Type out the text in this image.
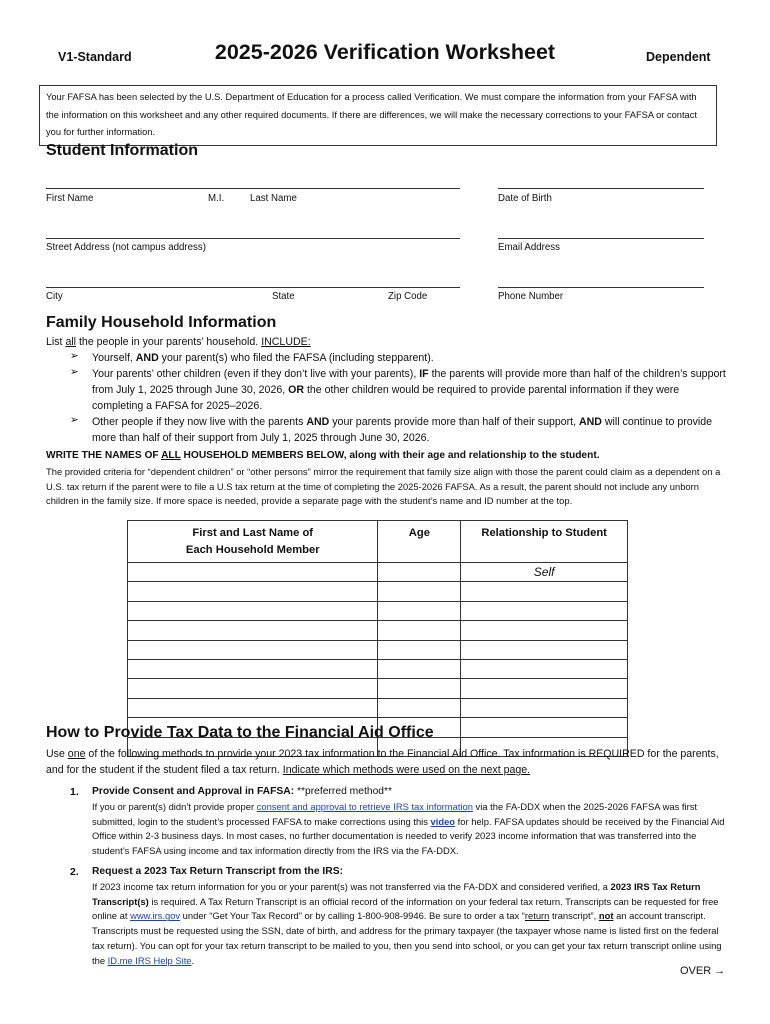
V1-Standard	2025-2026 Verification Worksheet	Dependent
Your FAFSA has been selected by the U.S. Department of Education for a process called Verification. We must compare the information from your FAFSA with the information on this worksheet and any other required documents. If there are differences, we will make the necessary corrections to your FAFSA or contact you for further information.
Student Information
First Name	M.I.	Last Name	Date of Birth
Street Address (not campus address)	Email Address
City	State	Zip Code	Phone Number
Family Household Information
List all the people in your parents’ household. INCLUDE:
➢ Yourself, AND your parent(s) who filed the FAFSA (including stepparent).
➢ Your parents’ other children (even if they don’t live with your parents), IF the parents will provide more than half of the children’s support from July 1, 2025 through June 30, 2026, OR the other children would be required to provide parental information if they were completing a FAFSA for 2025–2026.
➢ Other people if they now live with the parents AND your parents provide more than half of their support, AND will continue to provide more than half of their support from July 1, 2025 through June 30, 2026.
WRITE THE NAMES OF ALL HOUSEHOLD MEMBERS BELOW, along with their age and relationship to the student.
The provided criteria for “dependent children” or “other persons” mirror the requirement that family size align with those the parent could claim as a dependent on a U.S. tax return if the parent were to file a U.S tax return at the time of completing the 2025-2026 FAFSA. As a result, the parent should not include any unborn children in the family size. If more space is needed, provide a separate page with the student’s name and ID number at the top.
First and Last Name of
Each Household Member	Age	Relationship to Student
		Self

How to Provide Tax Data to the Financial Aid Office
Use one of the following methods to provide your 2023 tax information to the Financial Aid Office. Tax information is REQUIRED for the parents, and for the student if the student filed a tax return. Indicate which methods were used on the next page.
1. Provide Consent and Approval in FAFSA: **preferred method**
If you or parent(s) didn’t provide proper consent and approval to retrieve IRS tax information via the FA-DDX when the 2025-2026 FAFSA was first submitted, login to the student’s processed FAFSA to make corrections using this video for help. FAFSA updates should be received by the Financial Aid Office within 2-3 business days. In most cases, no further documentation is needed to verify 2023 income information that was transferred into the student’s FAFSA using income and tax information directly from the IRS via the FA-DDX.
2. Request a 2023 Tax Return Transcript from the IRS:
If 2023 income tax return information for you or your parent(s) was not transferred via the FA-DDX and considered verified, a 2023 IRS Tax Return Transcript(s) is required. A Tax Return Transcript is an official record of the information on your federal tax return. Transcripts can be requested for free online at www.irs.gov under “Get Your Tax Record” or by calling 1-800-908-9946. Be sure to order a tax “return transcript”, not an account transcript. Transcripts must be requested using the SSN, date of birth, and address for the primary taxpayer (the taxpayer whose name is listed first on the federal tax return). You can opt for your tax return transcript to be mailed to you, then you send into school, or you can get your tax return transcript online using the ID.me IRS Help Site.
OVER →
